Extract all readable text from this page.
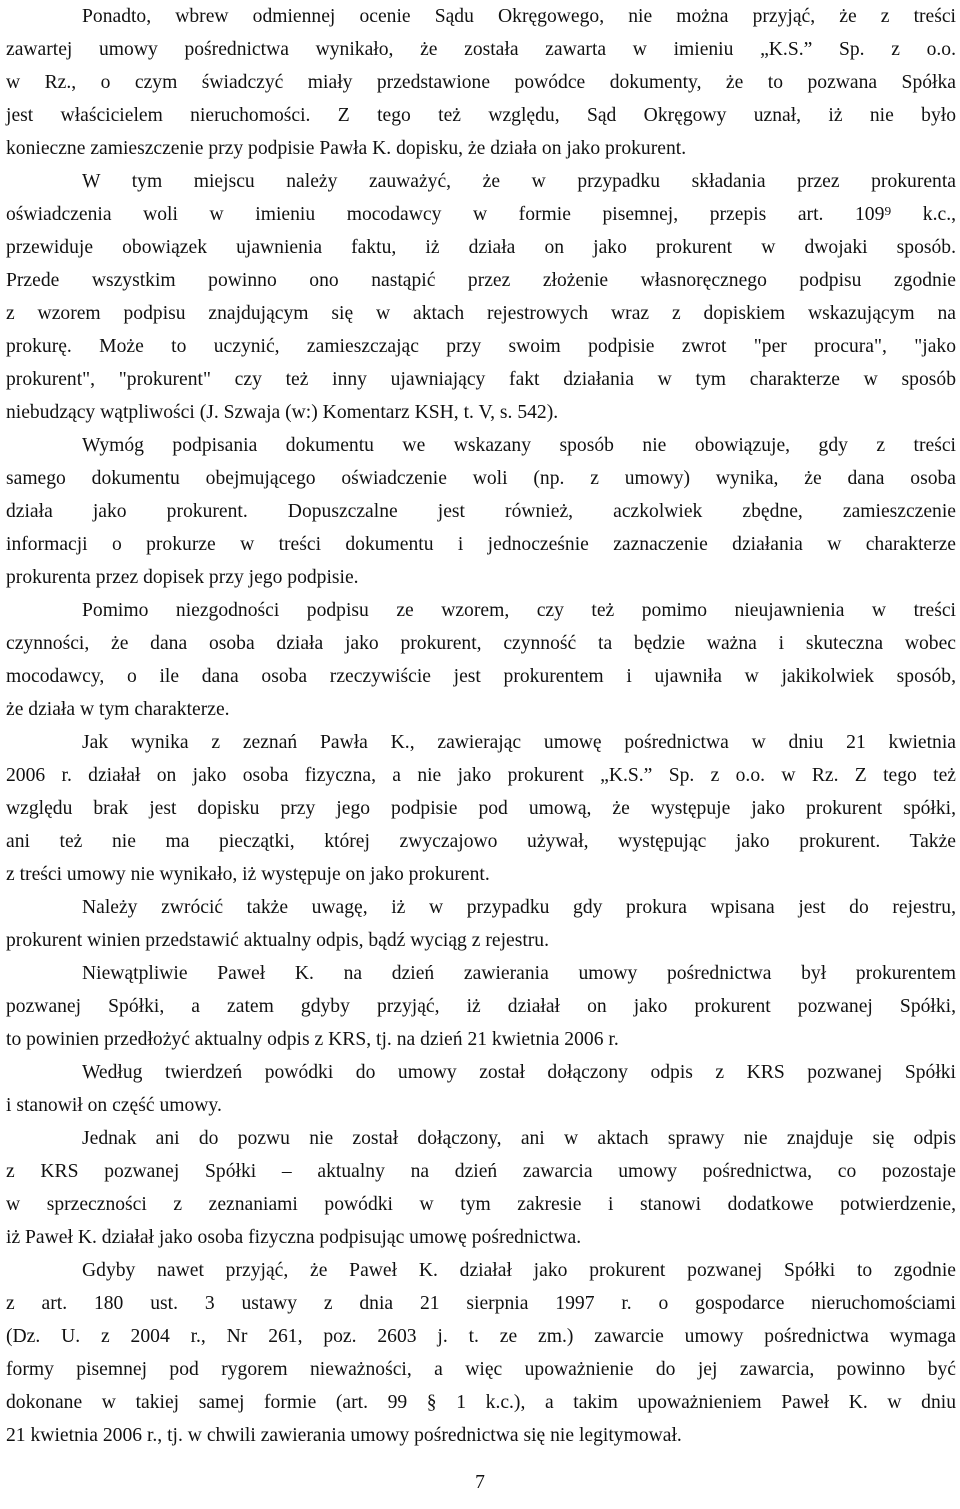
Ponadto, wbrew odmiennej ocenie Sądu Okręgowego, nie można przyjąć, że z treści
zawartej umowy pośrednictwa wynikało, że została zawarta w imieniu „K.S.” Sp. z o.o.
w Rz., o czym świadczyć miały przedstawione powódce dokumenty, że to pozwana Spółka
jest właścicielem nieruchomości. Z tego też względu, Sąd Okręgowy uznał, iż nie było
konieczne zamieszczenie przy podpisie Pawła K. dopisku, że działa on jako prokurent.
W tym miejscu należy zauważyć, że w przypadku składania przez prokurenta
oświadczenia woli w imieniu mocodawcy w formie pisemnej, przepis art. 109⁹ k.c.,
przewiduje obowiązek ujawnienia faktu, iż działa on jako prokurent w dwojaki sposób.
Przede wszystkim powinno ono nastąpić przez złożenie własnoręcznego podpisu zgodnie
z wzorem podpisu znajdującym się w aktach rejestrowych wraz z dopiskiem wskazującym na
prokurę. Może to uczynić, zamieszczając przy swoim podpisie zwrot "per procura", "jako
prokurent", "prokurent" czy też inny ujawniający fakt działania w tym charakterze w sposób
niebudzący wątpliwości (J. Szwaja (w:) Komentarz KSH, t. V, s. 542).
Wymóg podpisania dokumentu we wskazany sposób nie obowiązuje, gdy z treści
samego dokumentu obejmującego oświadczenie woli (np. z umowy) wynika, że dana osoba
działa jako prokurent. Dopuszczalne jest również, aczkolwiek zbędne, zamieszczenie
informacji o prokurze w treści dokumentu i jednocześnie zaznaczenie działania w charakterze
prokurenta przez dopisek przy jego podpisie.
Pomimo niezgodności podpisu ze wzorem, czy też pomimo nieujawnienia w treści
czynności, że dana osoba działa jako prokurent, czynność ta będzie ważna i skuteczna wobec
mocodawcy, o ile dana osoba rzeczywiście jest prokurentem i ujawniła w jakikolwiek sposób,
że działa w tym charakterze.
Jak wynika z zeznań Pawła K., zawierając umowę pośrednictwa w dniu 21 kwietnia
2006 r. działał on jako osoba fizyczna, a nie jako prokurent „K.S.” Sp. z o.o. w Rz. Z tego też
względu brak jest dopisku przy jego podpisie pod umową, że występuje jako prokurent spółki,
ani też nie ma pieczątki, której zwyczajowo używał, występując jako prokurent. Także
z treści umowy nie wynikało, iż występuje on jako prokurent.
Należy zwrócić także uwagę, iż w przypadku gdy prokura wpisana jest do rejestru,
prokurent winien przedstawić aktualny odpis, bądź wyciąg z rejestru.
Niewątpliwie Paweł K. na dzień zawierania umowy pośrednictwa był prokurentem
pozwanej Spółki, a zatem gdyby przyjąć, iż działał on jako prokurent pozwanej Spółki,
to powinien przedłożyć aktualny odpis z KRS, tj. na dzień 21 kwietnia 2006 r.
Według twierdzeń powódki do umowy został dołączony odpis z KRS pozwanej Spółki
i stanowił on część umowy.
Jednak ani do pozwu nie został dołączony, ani w aktach sprawy nie znajduje się odpis
z KRS pozwanej Spółki – aktualny na dzień zawarcia umowy pośrednictwa, co pozostaje
w sprzeczności z zeznaniami powódki w tym zakresie i stanowi dodatkowe potwierdzenie,
iż Paweł K. działał jako osoba fizyczna podpisując umowę pośrednictwa.
Gdyby nawet przyjąć, że Paweł K. działał jako prokurent pozwanej Spółki to zgodnie
z art. 180 ust. 3 ustawy z dnia 21 sierpnia 1997 r. o gospodarce nieruchomościami
(Dz. U. z 2004 r., Nr 261, poz. 2603 j. t. ze zm.) zawarcie umowy pośrednictwa wymaga
formy pisemnej pod rygorem nieważności, a więc upoważnienie do jej zawarcia, powinno być
dokonane w takiej samej formie (art. 99 § 1 k.c.), a takim upoważnieniem Paweł K. w dniu
21 kwietnia 2006 r., tj. w chwili zawierania umowy pośrednictwa się nie legitymował.
7
